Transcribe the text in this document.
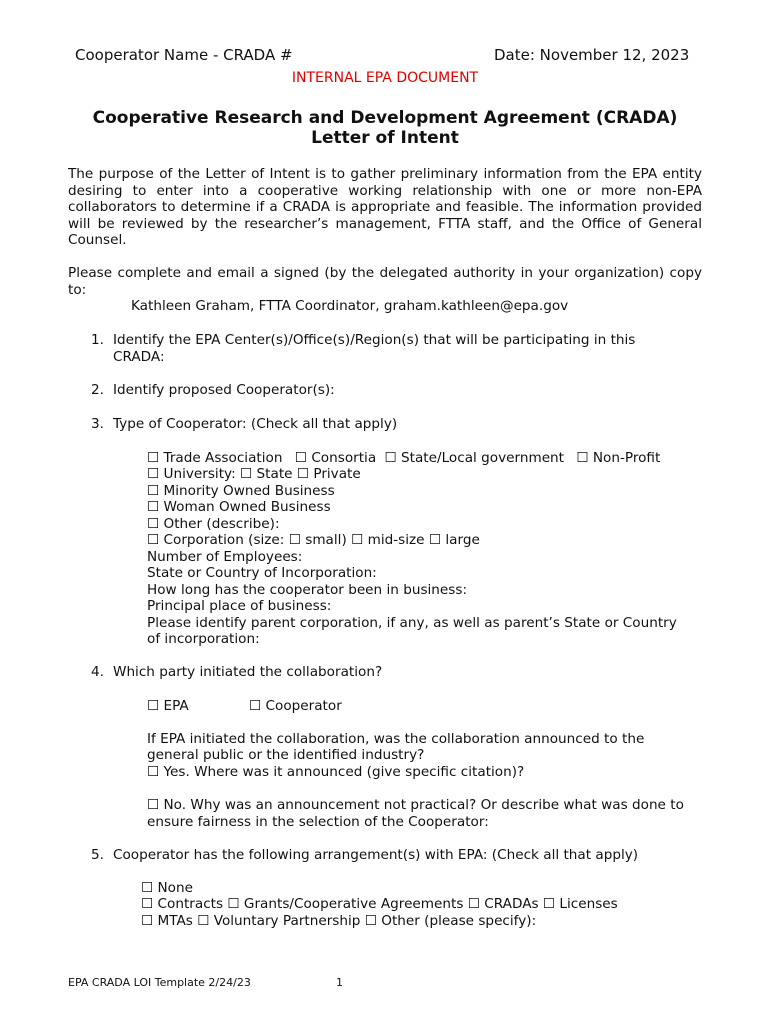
Cooperator Name - CRADA #	Date: November 12, 2023
INTERNAL EPA DOCUMENT
Cooperative Research and Development Agreement (CRADA)
Letter of Intent
The purpose of the Letter of Intent is to gather preliminary information from the EPA entity desiring to enter into a cooperative working relationship with one or more non-EPA collaborators to determine if a CRADA is appropriate and feasible. The information provided will be reviewed by the researcher’s management, FTTA staff, and the Office of General Counsel.
Please complete and email a signed (by the delegated authority in your organization) copy to:
Kathleen Graham, FTTA Coordinator, graham.kathleen@epa.gov
1. Identify the EPA Center(s)/Office(s)/Region(s) that will be participating in this
CRADA:
2. Identify proposed Cooperator(s):
3. Type of Cooperator: (Check all that apply)
☐ Trade Association ☐ Consortia ☐ State/Local government ☐ Non-Profit
☐ University: ☐ State ☐ Private
☐ Minority Owned Business
☐ Woman Owned Business
☐ Other (describe):
☐ Corporation (size: ☐ small) ☐ mid-size ☐ large
Number of Employees:
State or Country of Incorporation:
How long has the cooperator been in business:
Principal place of business:
Please identify parent corporation, if any, as well as parent’s State or Country
of incorporation:
4. Which party initiated the collaboration?
☐ EPA	☐ Cooperator
If EPA initiated the collaboration, was the collaboration announced to the
general public or the identified industry?
☐ Yes. Where was it announced (give specific citation)?
☐ No. Why was an announcement not practical? Or describe what was done to
ensure fairness in the selection of the Cooperator:
5. Cooperator has the following arrangement(s) with EPA: (Check all that apply)
☐ None
☐ Contracts ☐ Grants/Cooperative Agreements ☐ CRADAs ☐ Licenses
☐ MTAs ☐ Voluntary Partnership ☐ Other (please specify):
EPA CRADA LOI Template 2/24/23	1
